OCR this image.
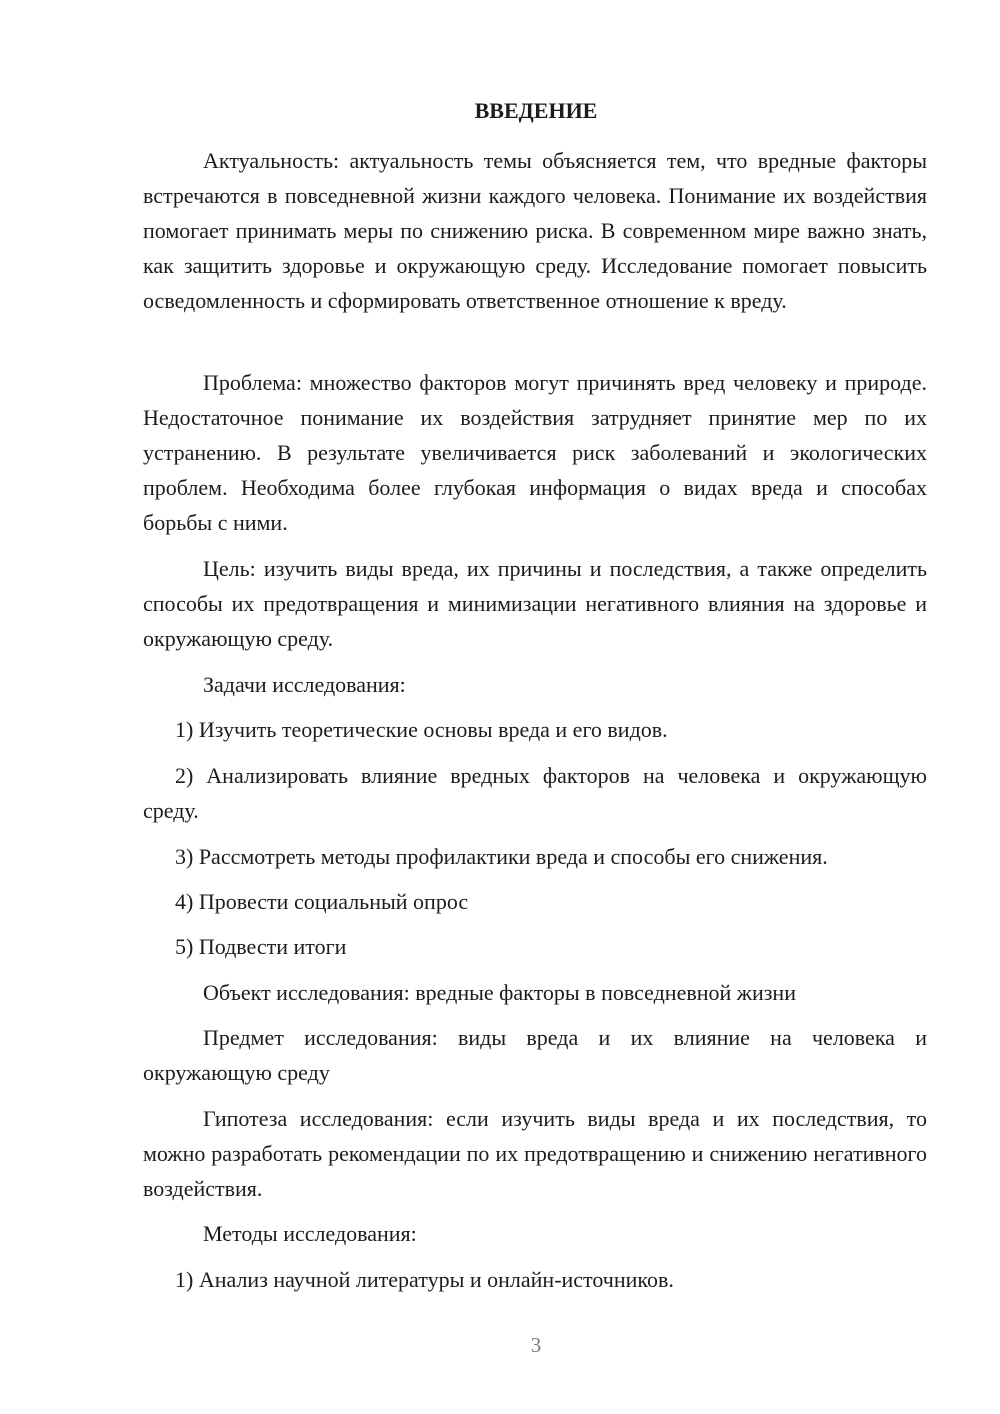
ВВЕДЕНИЕ

Актуальность: актуальность темы объясняется тем, что вредные факторы встречаются в повседневной жизни каждого человека. Понимание их воздействия помогает принимать меры по снижению риска. В современном мире важно знать, как защитить здоровье и окружающую среду. Исследование помогает повысить осведомленность и сформировать ответственное отношение к вреду.

Проблема: множество факторов могут причинять вред человеку и природе. Недостаточное понимание их воздействия затрудняет принятие мер по их устранению. В результате увеличивается риск заболеваний и экологических проблем. Необходима более глубокая информация о видах вреда и способах борьбы с ними.

Цель: изучить виды вреда, их причины и последствия, а также определить способы их предотвращения и минимизации негативного влияния на здоровье и окружающую среду.

Задачи исследования:

1) Изучить теоретические основы вреда и его видов.

2) Анализировать влияние вредных факторов на человека и окружающую среду.

3) Рассмотреть методы профилактики вреда и способы его снижения.

4) Провести социальный опрос

5) Подвести итоги

Объект исследования: вредные факторы в повседневной жизни

Предмет исследования: виды вреда и их влияние на человека и окружающую среду

Гипотеза исследования: если изучить виды вреда и их последствия, то можно разработать рекомендации по их предотвращению и снижению негативного воздействия.

Методы исследования:

1) Анализ научной литературы и онлайн-источников.

3
